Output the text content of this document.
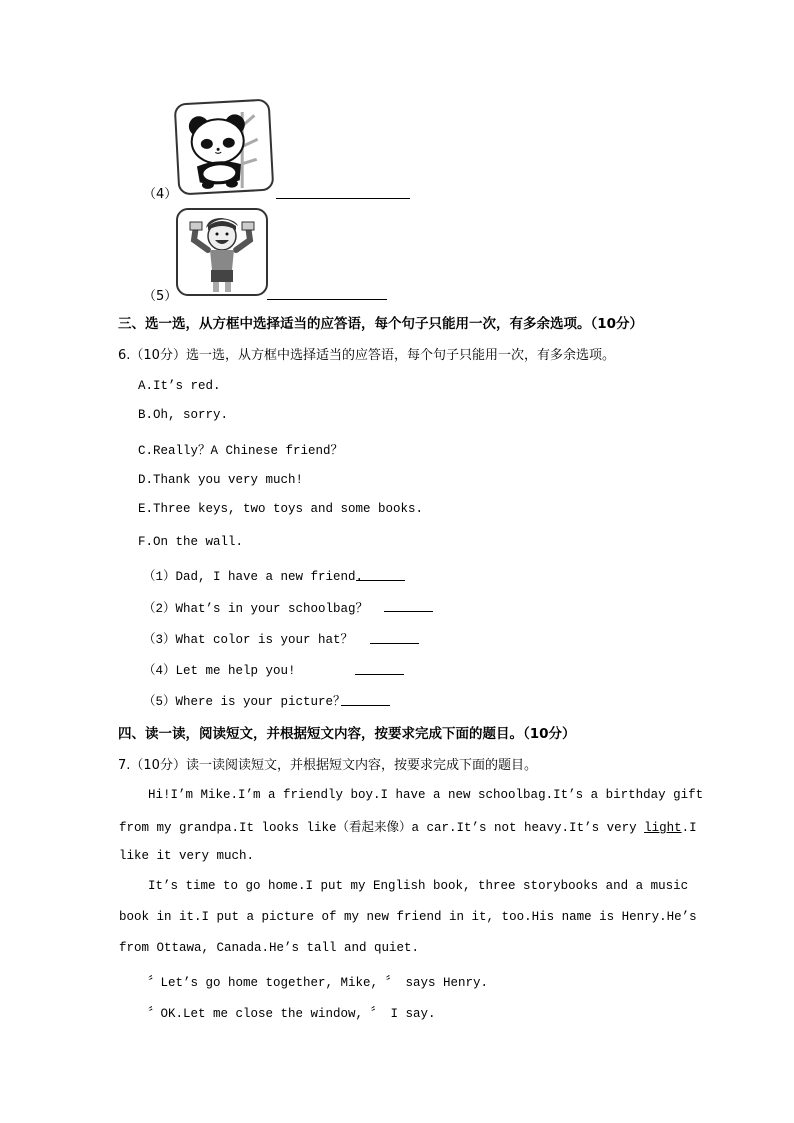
（4）
（5）
三、选一选，从方框中选择适当的应答语，每个句子只能用一次，有多余选项。（10分）
6.（10分）选一选，从方框中选择适当的应答语，每个句子只能用一次，有多余选项。
A.It’s red.
B.Oh, sorry.
C.Really？A Chinese friend？
D.Thank you very much!
E.Three keys, two toys and some books.
F.On the wall.
（1）Dad, I have a new friend.
（2）What’s in your schoolbag？
（3）What color is your hat？
（4）Let me help you!
（5）Where is your picture？
四、读一读，阅读短文，并根据短文内容，按要求完成下面的题目。（10分）
7.（10分）读一读阅读短文，并根据短文内容，按要求完成下面的题目。
Hi!I’m Mike.I’m a friendly boy.I have a new schoolbag.It’s a birthday gift
from my grandpa.It looks like（看起来像）a car.It’s not heavy.It’s very light.I
like it very much.
It’s time to go home.I put my English book, three storybooks and a music
book in it.I put a picture of my new friend in it, too.His name is Henry.He’s
from Ottawa, Canada.He’s tall and quiet.
〞Let’s go home together, Mike, 〞 says Henry.
〞OK.Let me close the window, 〞 I say.
